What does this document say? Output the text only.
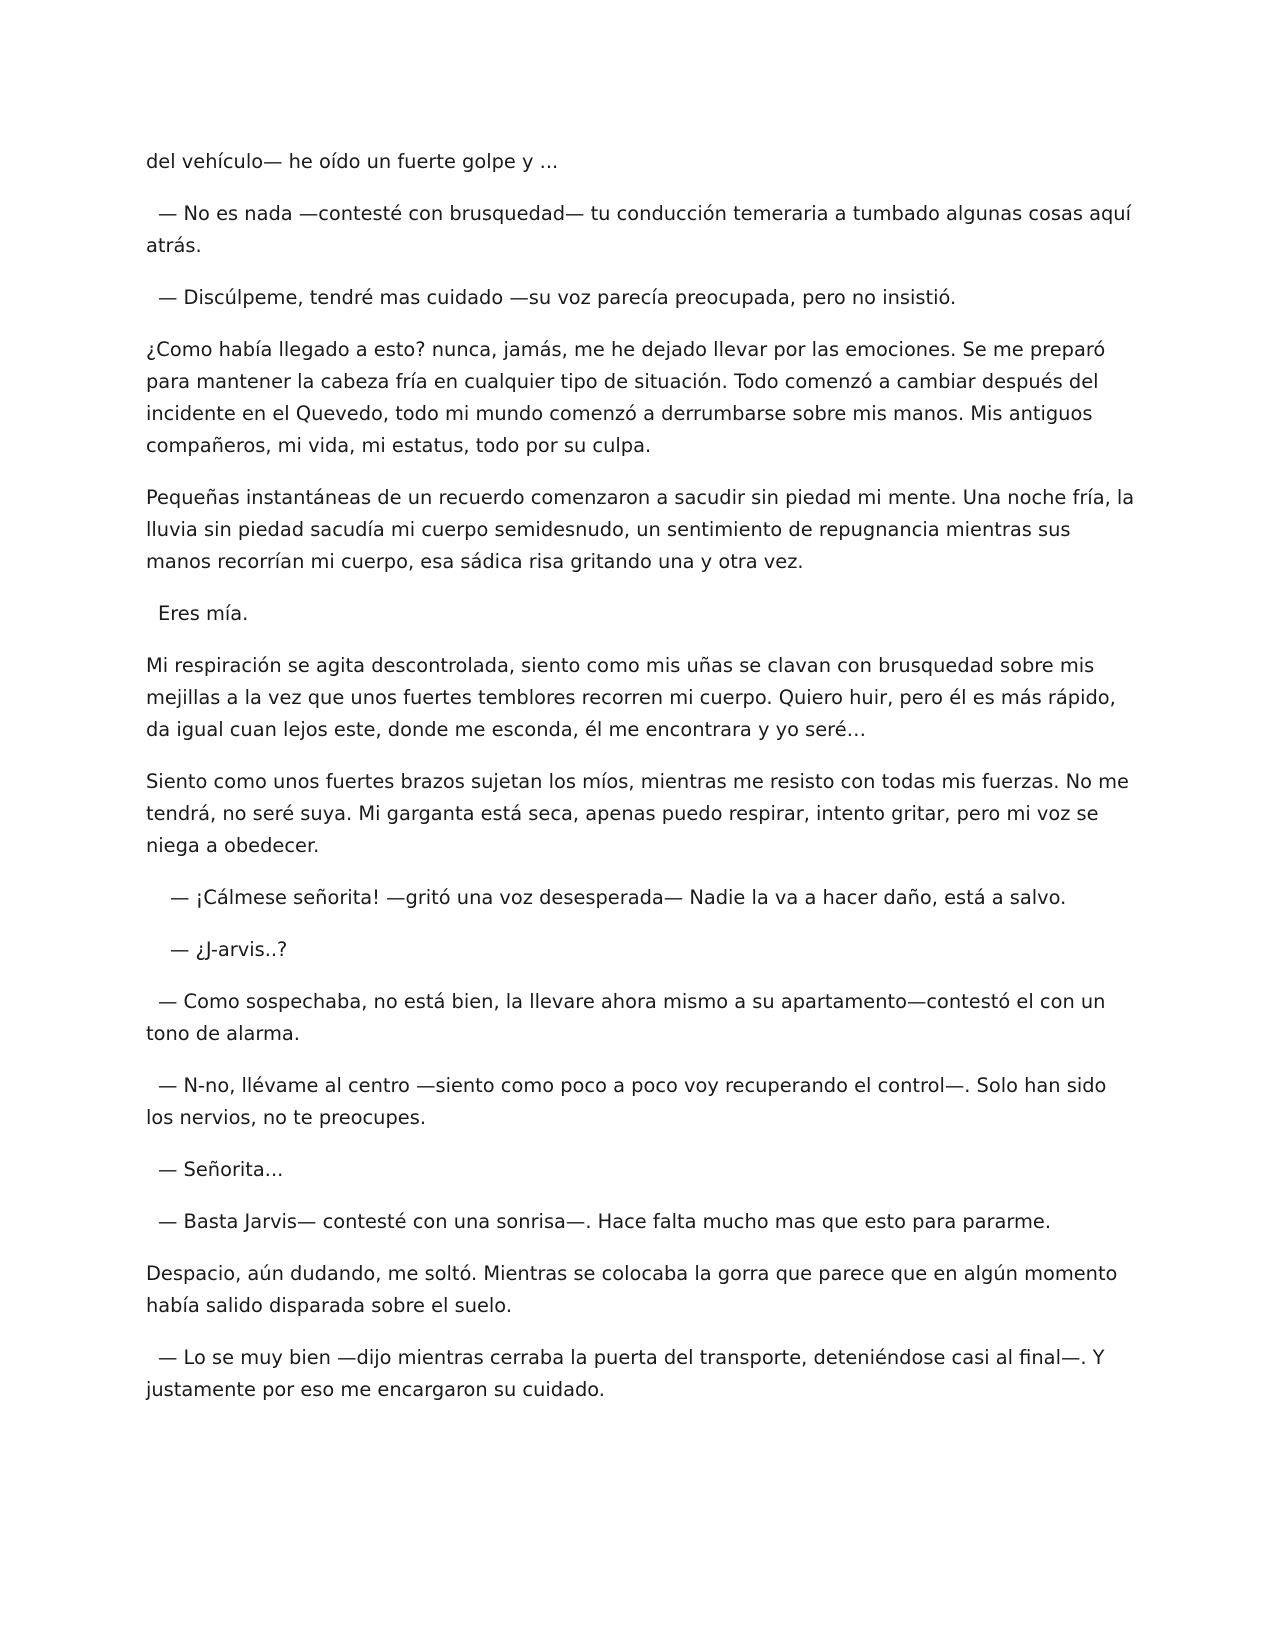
del vehículo— he oído un fuerte golpe y ...

— No es nada —contesté con brusquedad— tu conducción temeraria a tumbado algunas cosas aquí atrás.

— Discúlpeme, tendré mas cuidado —su voz parecía preocupada, pero no insistió.

¿Como había llegado a esto? nunca, jamás, me he dejado llevar por las emociones. Se me preparó para mantener la cabeza fría en cualquier tipo de situación. Todo comenzó a cambiar después del incidente en el Quevedo, todo mi mundo comenzó a derrumbarse sobre mis manos. Mis antiguos compañeros, mi vida, mi estatus, todo por su culpa.

Pequeñas instantáneas de un recuerdo comenzaron a sacudir sin piedad mi mente. Una noche fría, la lluvia sin piedad sacudía mi cuerpo semidesnudo, un sentimiento de repugnancia mientras sus manos recorrían mi cuerpo, esa sádica risa gritando una y otra vez.

Eres mía.

Mi respiración se agita descontrolada, siento como mis uñas se clavan con brusquedad sobre mis mejillas a la vez que unos fuertes temblores recorren mi cuerpo. Quiero huir, pero él es más rápido, da igual cuan lejos este, donde me esconda, él me encontrara y yo seré…

Siento como unos fuertes brazos sujetan los míos, mientras me resisto con todas mis fuerzas. No me tendrá, no seré suya. Mi garganta está seca, apenas puedo respirar, intento gritar, pero mi voz se niega a obedecer.

— ¡Cálmese señorita! —gritó una voz desesperada— Nadie la va a hacer daño, está a salvo.

— ¿J-arvis..?

— Como sospechaba, no está bien, la llevare ahora mismo a su apartamento—contestó el con un tono de alarma.

— N-no, llévame al centro —siento como poco a poco voy recuperando el control—. Solo han sido los nervios, no te preocupes.

— Señorita...

— Basta Jarvis— contesté con una sonrisa—. Hace falta mucho mas que esto para pararme.

Despacio, aún dudando, me soltó. Mientras se colocaba la gorra que parece que en algún momento había salido disparada sobre el suelo.

— Lo se muy bien —dijo mientras cerraba la puerta del transporte, deteniéndose casi al final—. Y justamente por eso me encargaron su cuidado.
